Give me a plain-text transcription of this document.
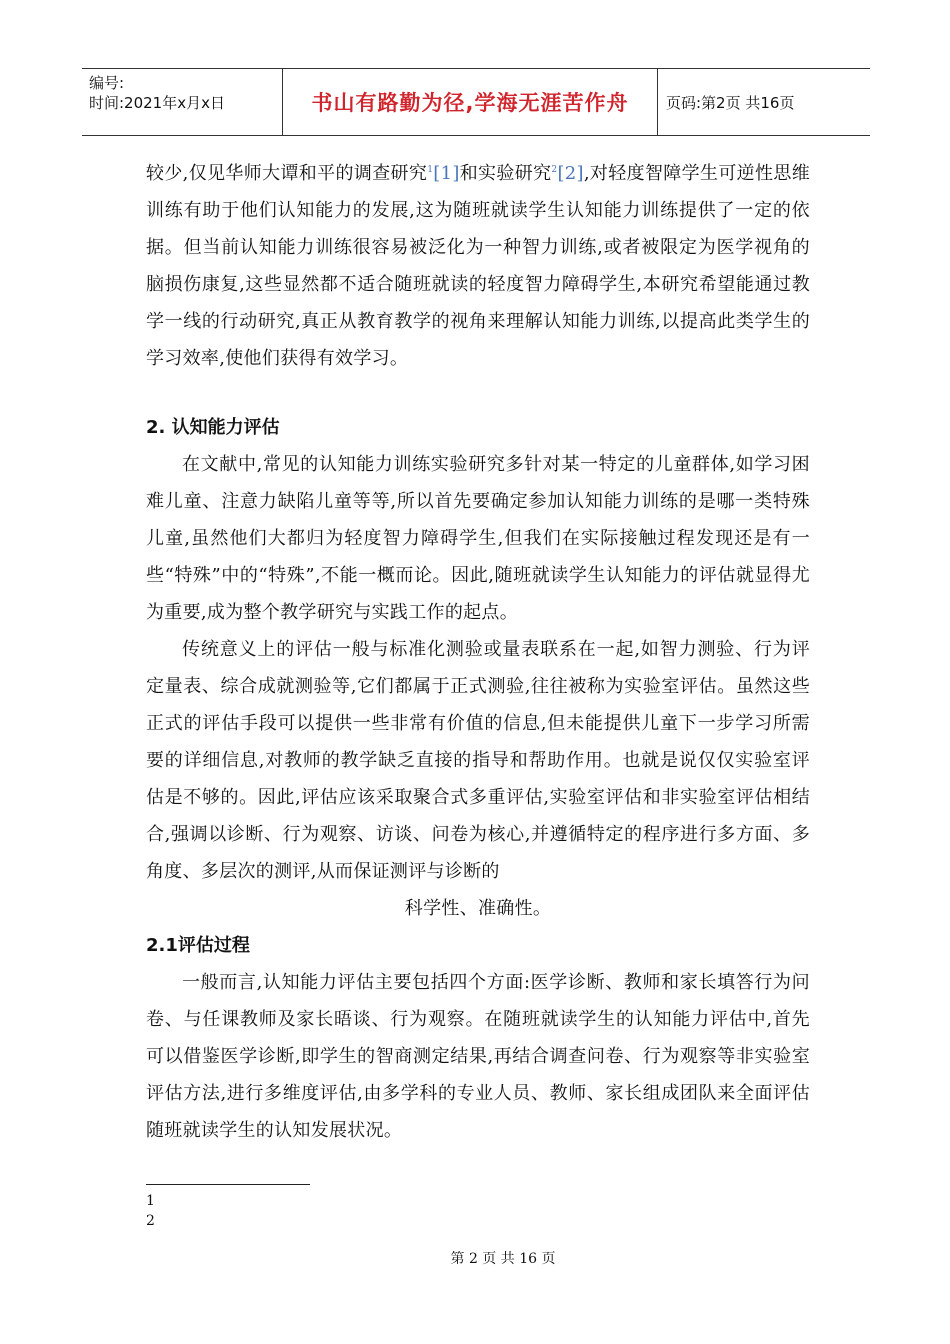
编号:
时间:2021年x月x日	书山有路勤为径,学海无涯苦作舟	页码:第2页 共16页

较少,仅见华师大谭和平的调查研究$^1$[1]和实验研究$^2$[2],对轻度智障学生可逆性思维训练有助于他们认知能力的发展,这为随班就读学生认知能力训练提供了一定的依据。但当前认知能力训练很容易被泛化为一种智力训练,或者被限定为医学视角的脑损伤康复,这些显然都不适合随班就读的轻度智力障碍学生,本研究希望能通过教学一线的行动研究,真正从教育教学的视角来理解认知能力训练,以提高此类学生的学习效率,使他们获得有效学习。

2. 认知能力评估

在文献中,常见的认知能力训练实验研究多针对某一特定的儿童群体,如学习困难儿童、注意力缺陷儿童等等,所以首先要确定参加认知能力训练的是哪一类特殊儿童,虽然他们大都归为轻度智力障碍学生,但我们在实际接触过程发现还是有一些“特殊”中的“特殊”,不能一概而论。因此,随班就读学生认知能力的评估就显得尤为重要,成为整个教学研究与实践工作的起点。

传统意义上的评估一般与标准化测验或量表联系在一起,如智力测验、行为评定量表、综合成就测验等,它们都属于正式测验,往往被称为实验室评估。虽然这些正式的评估手段可以提供一些非常有价值的信息,但未能提供儿童下一步学习所需要的详细信息,对教师的教学缺乏直接的指导和帮助作用。也就是说仅仅实验室评估是不够的。因此,评估应该采取聚合式多重评估,实验室评估和非实验室评估相结合,强调以诊断、行为观察、访谈、问卷为核心,并遵循特定的程序进行多方面、多角度、多层次的测评,从而保证测评与诊断的

科学性、准确性。

2.1评估过程

一般而言,认知能力评估主要包括四个方面:医学诊断、教师和家长填答行为问卷、与任课教师及家长晤谈、行为观察。在随班就读学生的认知能力评估中,首先可以借鉴医学诊断,即学生的智商测定结果,再结合调查问卷、行为观察等非实验室评估方法,进行多维度评估,由多学科的专业人员、教师、家长组成团队来全面评估随班就读学生的认知发展状况。

1
2
第 2 页 共 16 页
